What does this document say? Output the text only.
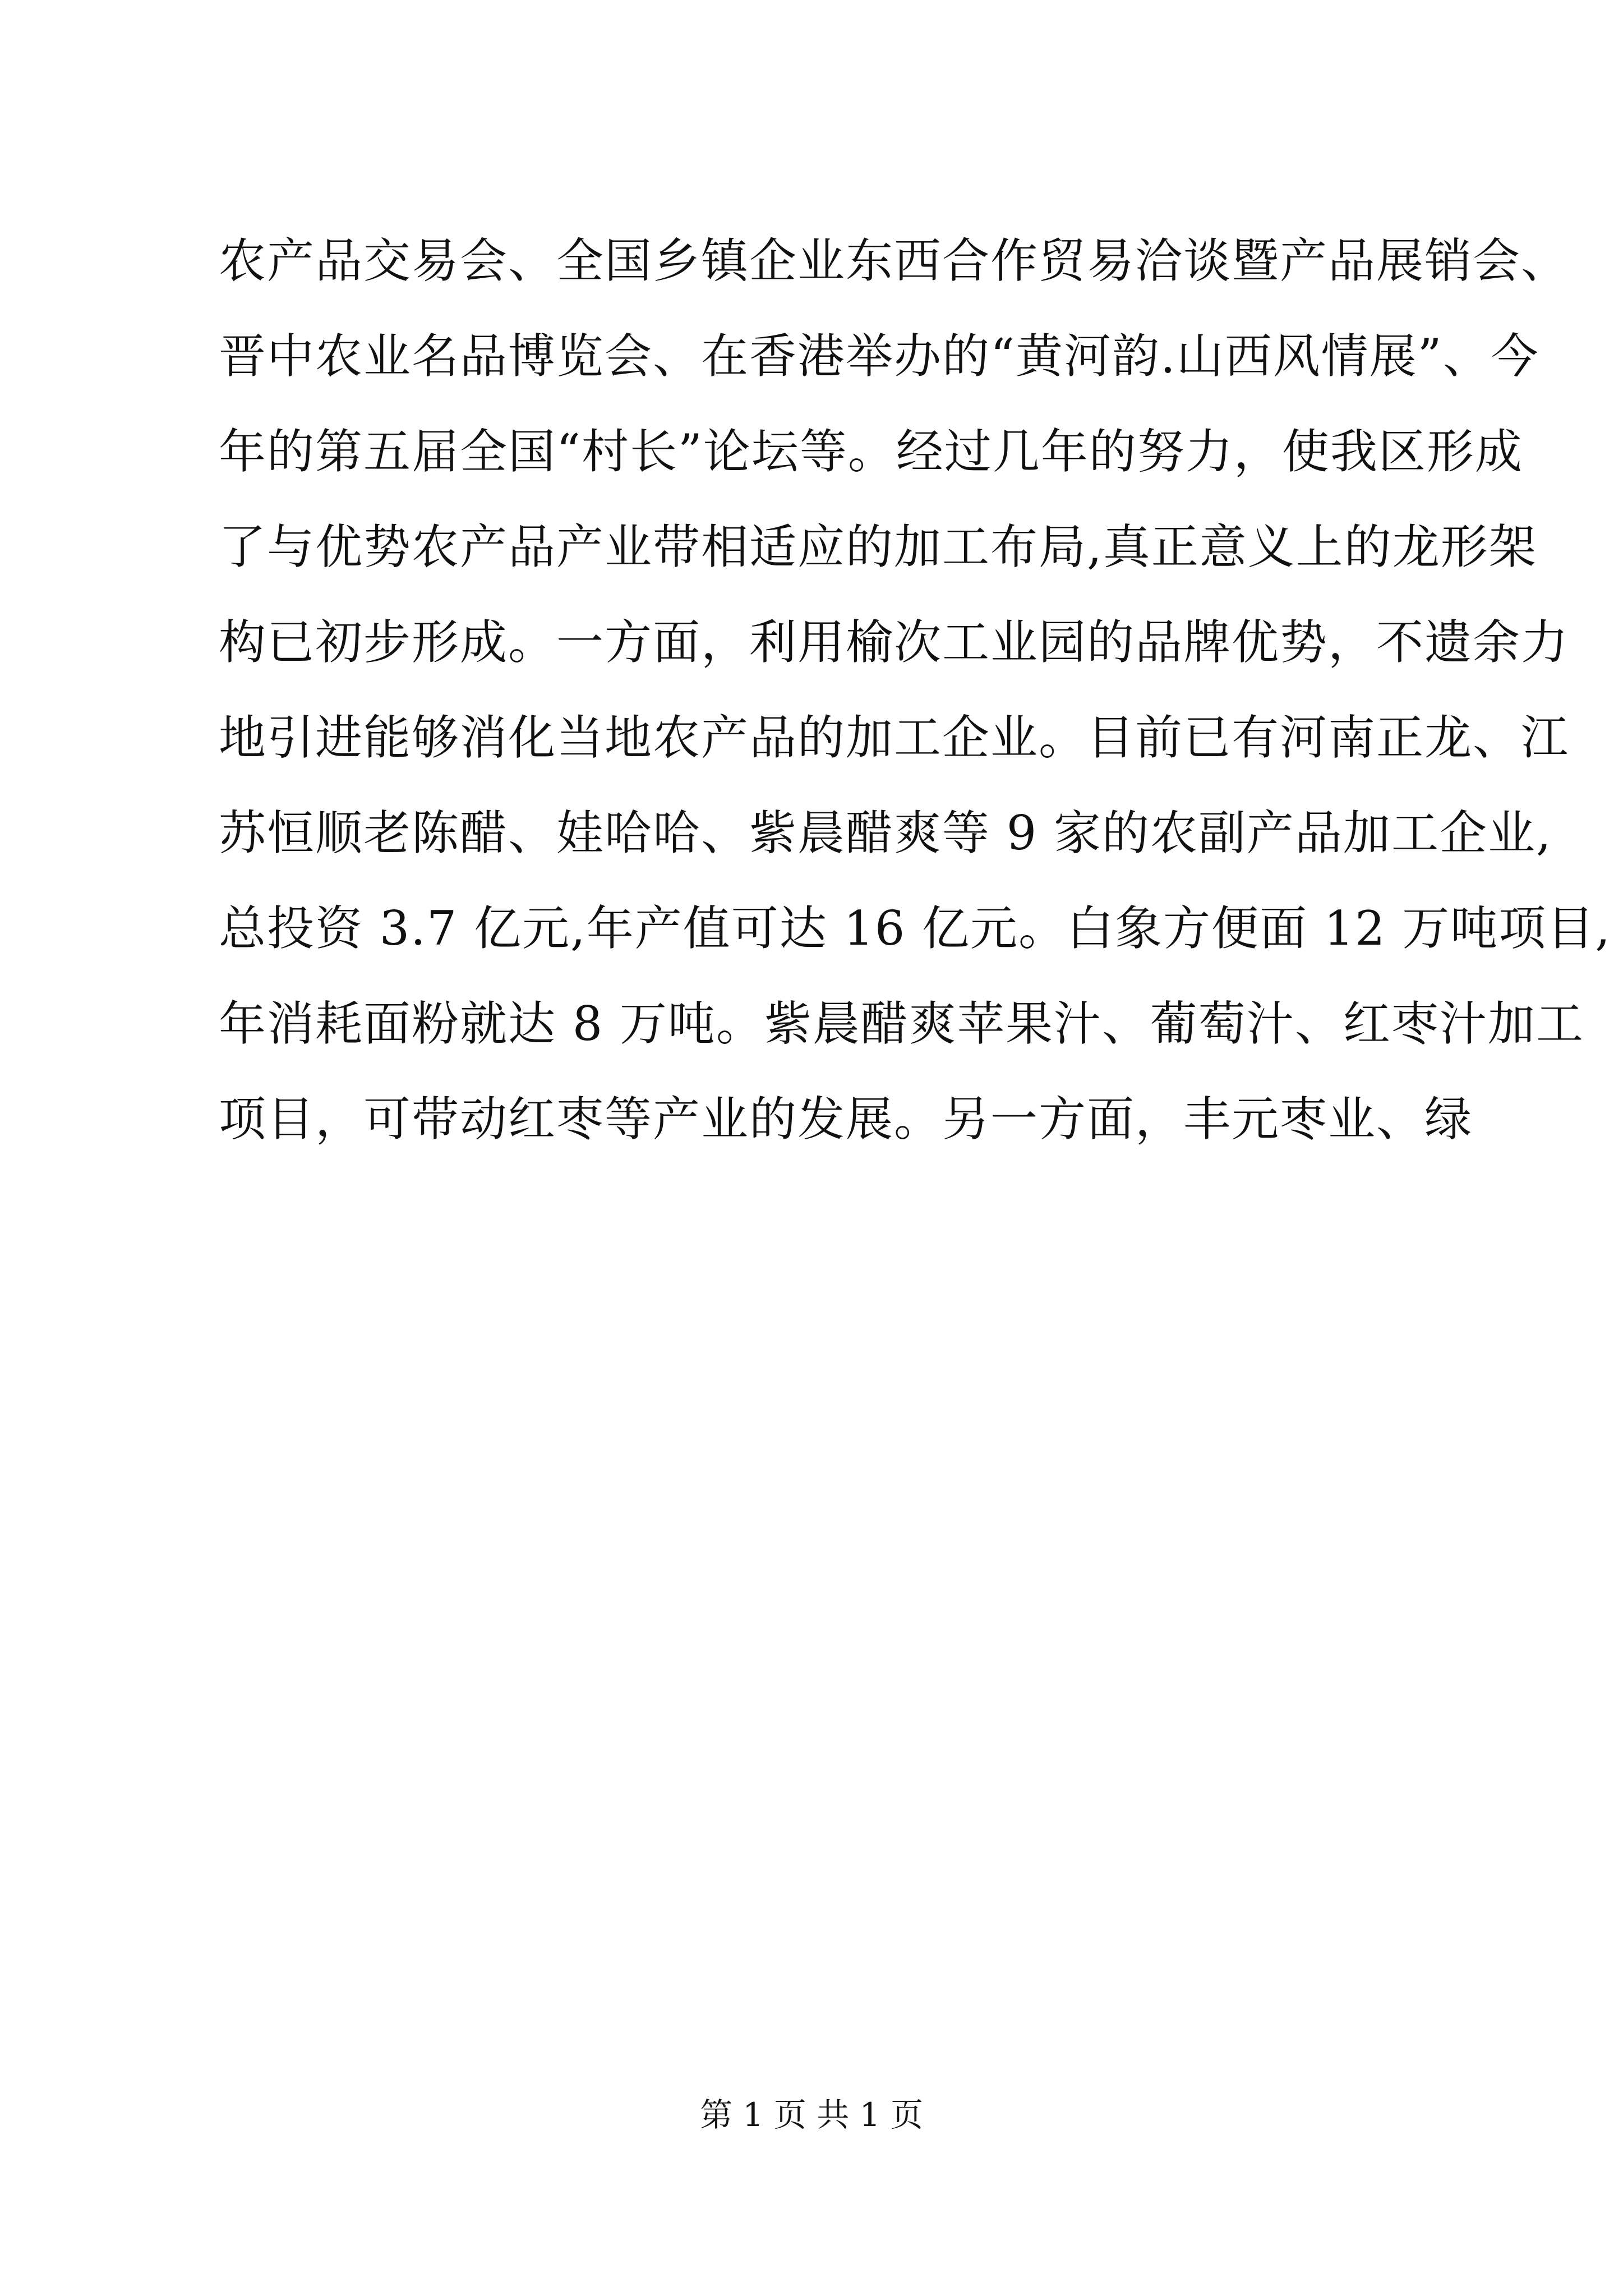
农产品交易会、全国乡镇企业东西合作贸易洽谈暨产品展销会、
晋中农业名品博览会、在香港举办的“黄河韵.山西风情展”、今
年的第五届全国“村长”论坛等。经过几年的努力，使我区形成
了与优势农产品产业带相适应的加工布局,真正意义上的龙形架
构已初步形成。一方面，利用榆次工业园的品牌优势，不遗余力
地引进能够消化当地农产品的加工企业。目前已有河南正龙、江
苏恒顺老陈醋、娃哈哈、紫晨醋爽等 9 家的农副产品加工企业,
总投资 3.7 亿元,年产值可达 16 亿元。白象方便面 12 万吨项目,
年消耗面粉就达 8 万吨。紫晨醋爽苹果汁、葡萄汁、红枣汁加工
项目，可带动红枣等产业的发展。另一方面，丰元枣业、绿
第 1 页 共 1 页
